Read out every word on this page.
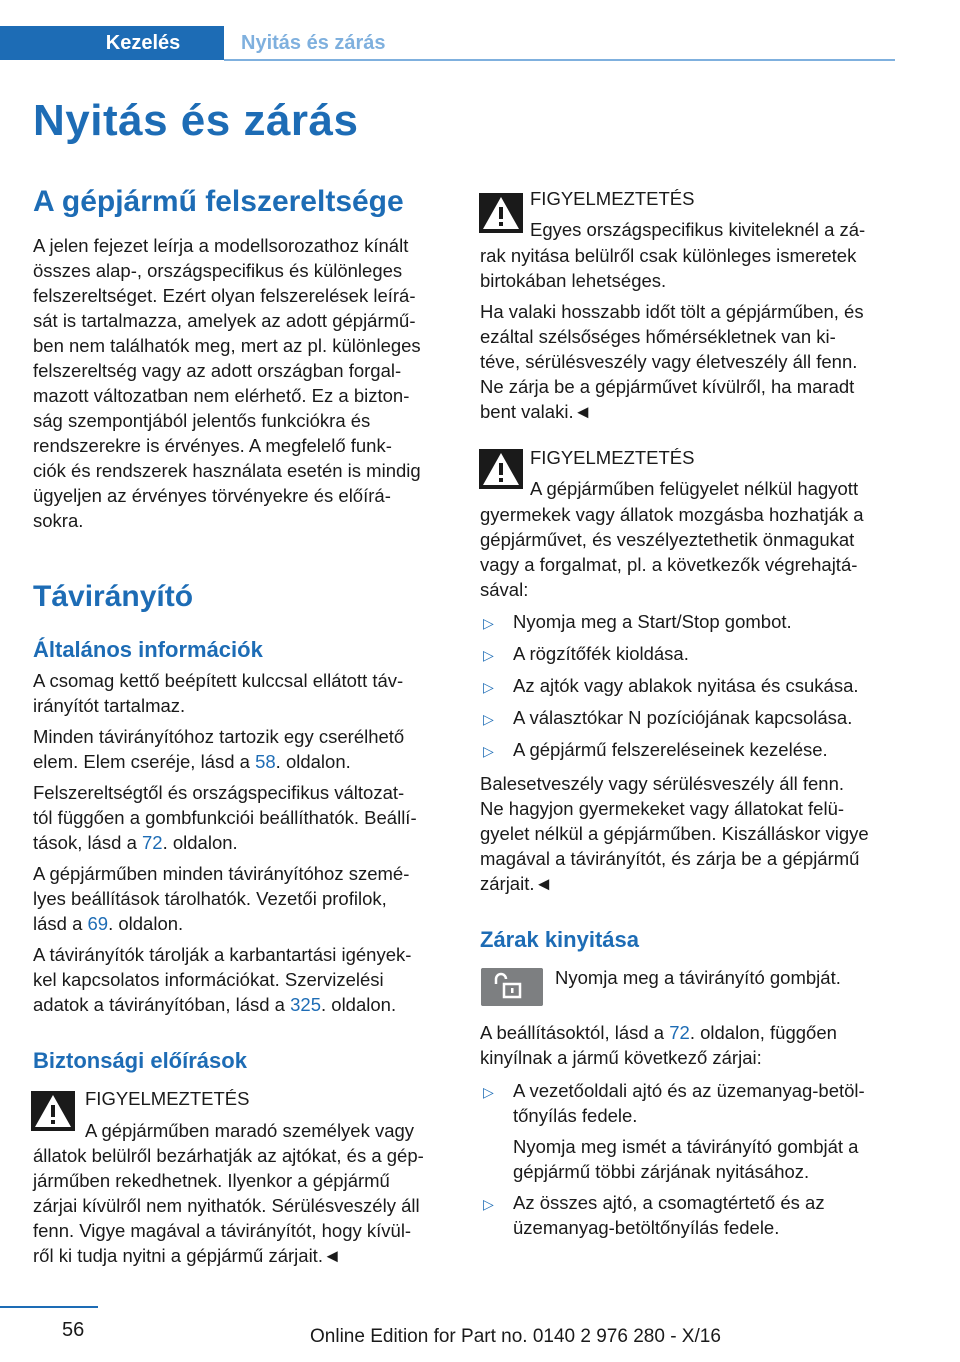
Kezelés	Nyitás és zárás
Nyitás és zárás
A gépjármű felszereltsége

A jelen fejezet leírja a modellsorozathoz kínált

összes alap-, országspecifikus és különleges

felszereltséget. Ezért olyan felszerelések leírá-

sát is tartalmazza, amelyek az adott gépjármű-

ben nem találhatók meg, mert az pl. különleges

felszereltség vagy az adott országban forgal-

mazott változatban nem elérhető. Ez a bizton-

ság szempontjából jelentős funkciókra és

rendszerekre is érvényes. A megfelelő funk-

ciók és rendszerek használata esetén is mindig

ügyeljen az érvényes törvényekre és előírá-

sokra.

Távirányító
Általános információk

A csomag kettő beépített kulccsal ellátott táv-

irányítót tartalmaz.

Minden távirányítóhoz tartozik egy cserélhető

elem. Elem cseréje, lásd a 58. oldalon.

Felszereltségtől és országspecifikus változat-

tól függően a gombfunkciói beállíthatók. Beállí-

tások, lásd a 72. oldalon.

A gépjárműben minden távirányítóhoz szemé-

lyes beállítások tárolhatók. Vezetői profilok,

lásd a 69. oldalon.

A távirányítók tárolják a karbantartási igények-

kel kapcsolatos információkat. Szervizelési

adatok a távirányítóban, lásd a 325. oldalon.

Biztonsági előírások
FIGYELMEZTETÉS
A gépjárműben maradó személyek vagy

állatok belülről bezárhatják az ajtókat, és a gép-

járműben rekedhetnek. Ilyenkor a gépjármű

zárjai kívülről nem nyithatók. Sérülésveszély áll

fenn. Vigye magával a távirányítót, hogy kívül-

ről ki tudja nyitni a gépjármű zárjait.◄

FIGYELMEZTETÉS
Egyes országspecifikus kiviteleknél a zá-

rak nyitása belülről csak különleges ismeretek

birtokában lehetséges.

Ha valaki hosszabb időt tölt a gépjárműben, és

ezáltal szélsőséges hőmérsékletnek van ki-

téve, sérülésveszély vagy életveszély áll fenn.

Ne zárja be a gépjárművet kívülről, ha maradt

bent valaki.◄

FIGYELMEZTETÉS
A gépjárműben felügyelet nélkül hagyott

gyermekek vagy állatok mozgásba hozhatják a

gépjárművet, és veszélyeztethetik önmagukat

vagy a forgalmat, pl. a következők végrehajtá-

sával:

▷ Nyomja meg a Start/Stop gombot.
▷ A rögzítőfék kioldása.
▷ Az ajtók vagy ablakok nyitása és csukása.
▷ A választókar N pozíciójának kapcsolása.
▷ A gépjármű felszereléseinek kezelése.

Balesetveszély vagy sérülésveszély áll fenn.

Ne hagyjon gyermekeket vagy állatokat felü-

gyelet nélkül a gépjárműben. Kiszálláskor vigye

magával a távirányítót, és zárja be a gépjármű

zárjait.◄

Zárak kinyitása
Nyomja meg a távirányító gombját.

A beállításoktól, lásd a 72. oldalon, függően

kinyílnak a jármű következő zárjai:

▷ A vezetőoldali ajtó és az üzemanyag-betöl-

tőnyílás fedele.

Nyomja meg ismét a távirányító gombját a

gépjármű többi zárjának nyitásához.

▷ Az összes ajtó, a csomagtértető és az

üzemanyag-betöltőnyílás fedele.

56	Online Edition for Part no. 0140 2 976 280 - X/16
